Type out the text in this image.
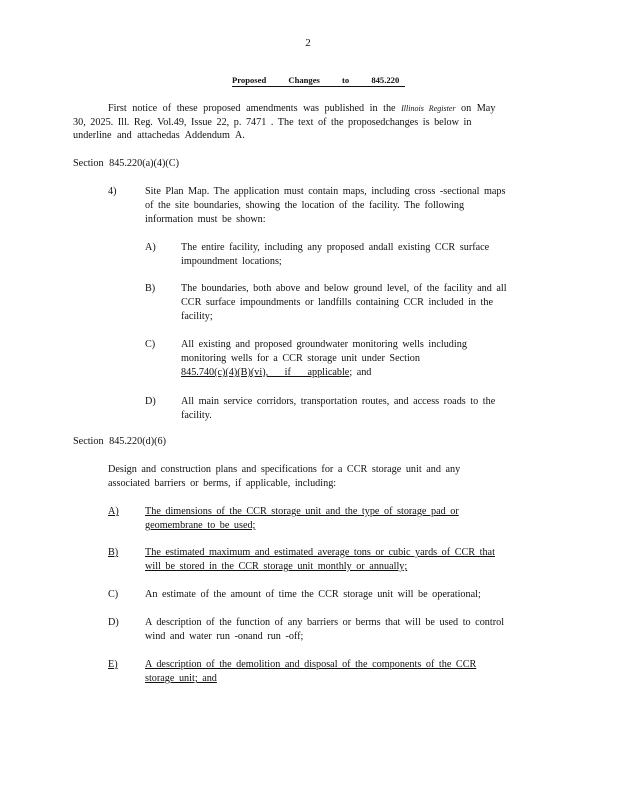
2
Proposed Changes to 845.220
First notice of these proposed amendments was published in the Illinois Register on May
30, 2025. Ill. Reg. Vol.49, Issue 22, p. 7471 . The text of the proposedchanges is below in
underline and attachedas Addendum A.
Section 845.220(a)(4)(C)
4)	Site Plan Map. The application must contain maps, including cross -sectional maps
of the site boundaries, showing the location of the facility. The following
information must be shown:
A)	The entire facility, including any proposed andall existing CCR surface
impoundment locations;
B)	The boundaries, both above and below ground level, of the facility and all
CCR surface impoundments or landfills containing CCR included in the
facility;
C)	All existing and proposed groundwater monitoring wells including
monitoring wells for a CCR storage unit under Section
845.740(c)(4)(B)(vi), if applicable; and
D)	All main service corridors, transportation routes, and access roads to the
facility.
Section 845.220(d)(6)
Design and construction plans and specifications for a CCR storage unit and any
associated barriers or berms, if applicable, including:
A)	The dimensions of the CCR storage unit and the type of storage pad or
geomembrane to be used;
B)	The estimated maximum and estimated average tons or cubic yards of CCR that
will be stored in the CCR storage unit monthly or annually;
C)	An estimate of the amount of time the CCR storage unit will be operational;
D)	A description of the function of any barriers or berms that will be used to control
wind and water run -onand run -off;
E)	A description of the demolition and disposal of the components of the CCR
storage unit; and
